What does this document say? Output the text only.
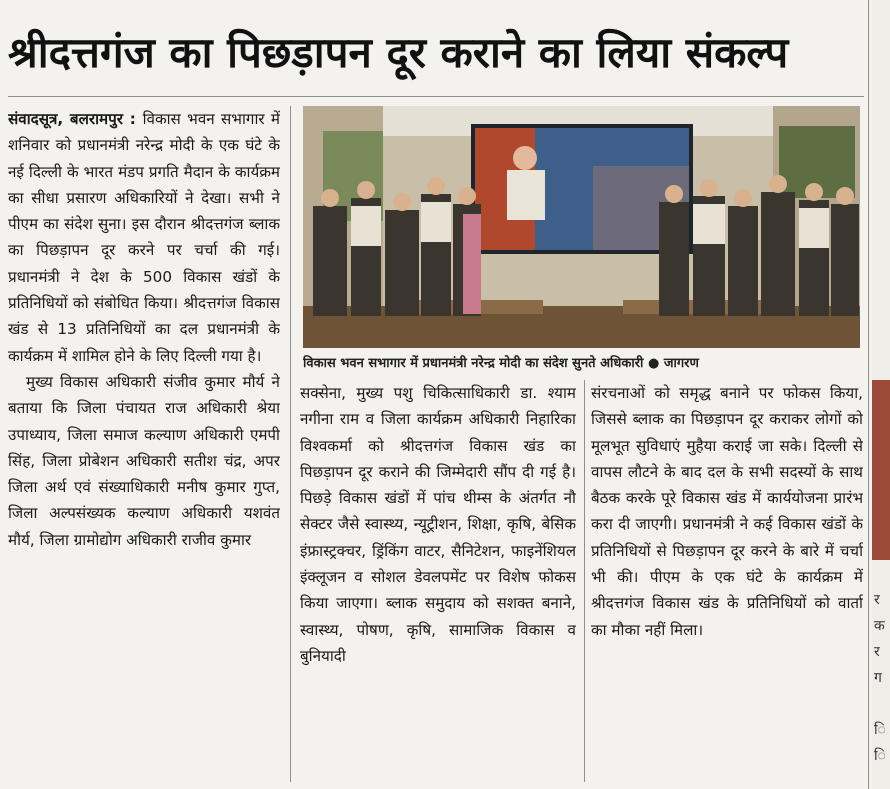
श्रीदत्तगंज का पिछड़ापन दूर कराने का लिया संकल्प

संवादसूत्र, बलरामपुर : विकास भवन सभागार में शनिवार को प्रधानमंत्री नरेन्द्र मोदी के एक घंटे के नई दिल्ली के भारत मंडप प्रगति मैदान के कार्यक्रम का सीधा प्रसारण अधिकारियों ने देखा। सभी ने पीएम का संदेश सुना। इस दौरान श्रीदत्तगंज ब्लाक का पिछड़ापन दूर करने पर चर्चा की गई। प्रधानमंत्री ने देश के 500 विकास खंडों के प्रतिनिधियों को संबोधित किया। श्रीदत्तगंज विकास खंड से 13 प्रतिनिधियों का दल प्रधानमंत्री के कार्यक्रम में शामिल होने के लिए दिल्ली गया है।

मुख्य विकास अधिकारी संजीव कुमार मौर्य ने बताया कि जिला पंचायत राज अधिकारी श्रेया उपाध्याय, जिला समाज कल्याण अधिकारी एमपी सिंह, जिला प्रोबेशन अधिकारी सतीश चंद्र, अपर जिला अर्थ एवं संख्याधिकारी मनीष कुमार गुप्त, जिला अल्पसंख्यक कल्याण अधिकारी यशवंत मौर्य, जिला ग्रामोद्योग अधिकारी राजीव कुमार

विकास भवन सभागार में प्रधानमंत्री नरेन्द्र मोदी का संदेश सुनते अधिकारी ● जागरण

सक्सेना, मुख्य पशु चिकित्साधिकारी डा. श्याम नगीना राम व जिला कार्यक्रम अधिकारी निहारिका विश्वकर्मा को श्रीदत्तगंज विकास खंड का पिछड़ापन दूर कराने की जिम्मेदारी सौंप दी गई है। पिछड़े विकास खंडों में पांच थीम्स के अंतर्गत नौ सेक्टर जैसे स्वास्थ्य, न्यूट्रीशन, शिक्षा, कृषि, बेसिक इंफ्रास्ट्रक्चर, ड्रिंकिंग वाटर, सैनिटेशन, फाइनेंशियल इंक्लूजन व सोशल डेवलपमेंट पर विशेष फोकस किया जाएगा। ब्लाक समुदाय को सशक्त बनाने, स्वास्थ्य, पोषण, कृषि, सामाजिक विकास व बुनियादी

संरचनाओं को समृद्ध बनाने पर फोकस किया, जिससे ब्लाक का पिछड़ापन दूर कराकर लोगों को मूलभूत सुविधाएं मुहैया कराई जा सके। दिल्ली से वापस लौटने के बाद दल के सभी सदस्यों के साथ बैठक करके पूरे विकास खंड में कार्ययोजना प्रारंभ करा दी जाएगी। प्रधानमंत्री ने कई विकास खंडों के प्रतिनिधियों से पिछड़ापन दूर करने के बारे में चर्चा भी की। पीएम के एक घंटे के कार्यक्रम में श्रीदत्तगंज विकास खंड के प्रतिनिधियों को वार्ता का मौका नहीं मिला।

र
क
र
ग
ि
ि
